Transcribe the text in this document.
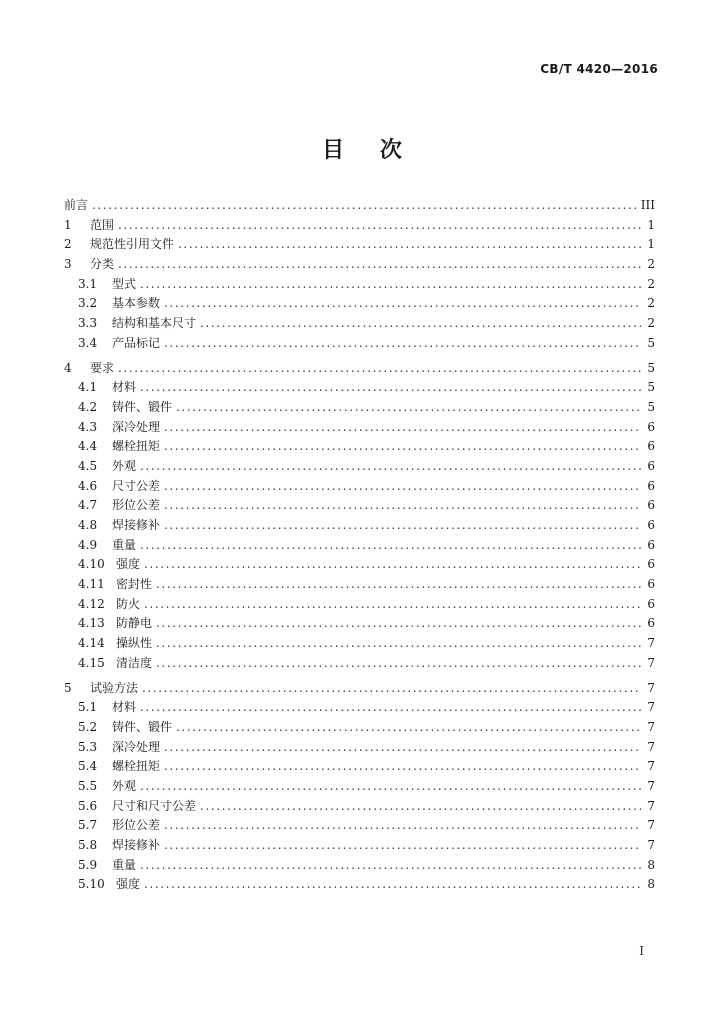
CB/T 4420—2016
目 次
前言 .....	III
1	范围 .....	1
2	规范性引用文件 .....	1
3	分类 .....	2
3.1	型式 .....	2
3.2	基本参数 .....	2
3.3	结构和基本尺寸 .....	2
3.4	产品标记 .....	5
4	要求 .....	5
4.1	材料 .....	5
4.2	铸件、锻件 .....	5
4.3	深冷处理 .....	6
4.4	螺栓扭矩 .....	6
4.5	外观 .....	6
4.6	尺寸公差 .....	6
4.7	形位公差 .....	6
4.8	焊接修补 .....	6
4.9	重量 .....	6
4.10 强度 .....	6
4.11 密封性 .....	6
4.12 防火 .....	6
4.13 防静电 .....	6
4.14 操纵性 .....	7
4.15 清洁度 .....	7
5	试验方法 .....	7
5.1	材料 .....	7
5.2	铸件、锻件 .....	7
5.3	深冷处理 .....	7
5.4	螺栓扭矩 .....	7
5.5	外观 .....	7
5.6	尺寸和尺寸公差 .....	7
5.7	形位公差 .....	7
5.8	焊接修补 .....	7
5.9	重量 .....	8
5.10 强度 .....	8
I
